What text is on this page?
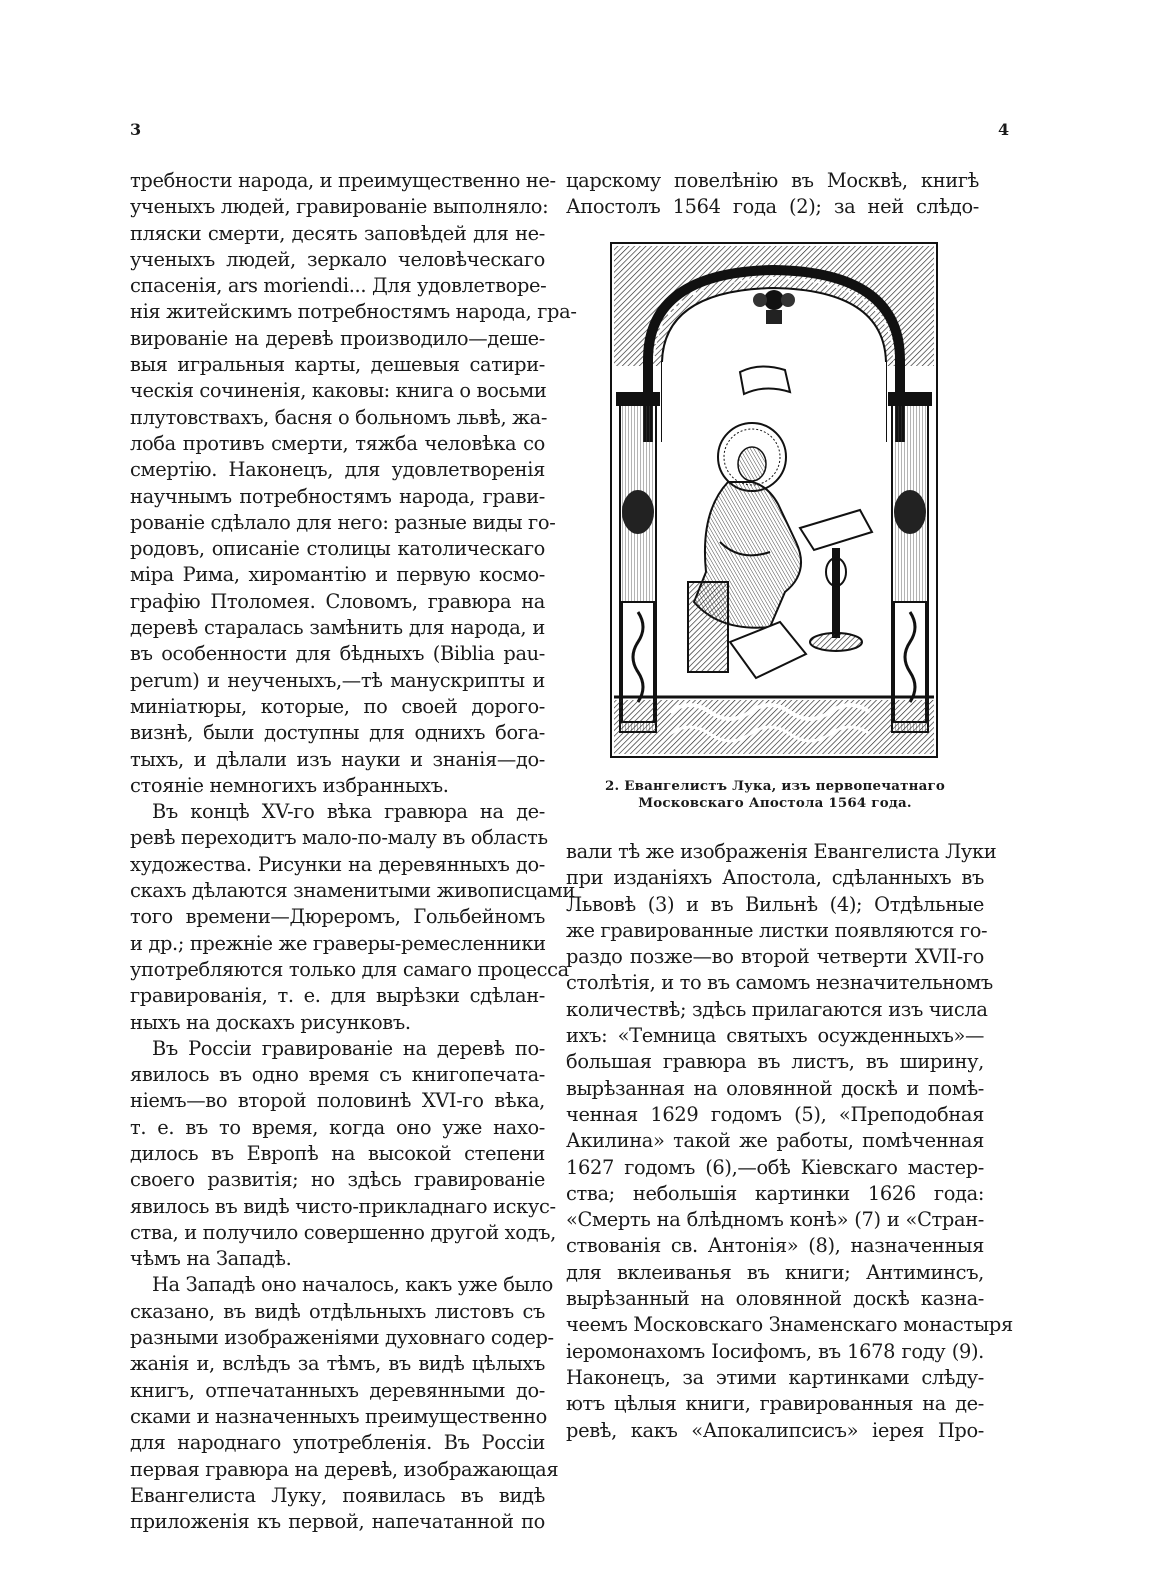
3	4
требности народа, и преимущественно не-
ученыхъ людей, гравированіе выполняло:
пляски смерти, десять заповѣдей для не-
ученыхъ людей, зеркало человѣческаго
спасенія, ars moriendi... Для удовлетворе-
нія житейскимъ потребностямъ народа, гра-
вированіе на деревѣ производило—деше-
выя игральныя карты, дешевыя сатири-
ческія сочиненія, каковы: книга о восьми
плутовствахъ, басня о больномъ львѣ, жа-
лоба противъ смерти, тяжба человѣка со
смертію. Наконецъ, для удовлетворенія
научнымъ потребностямъ народа, грави-
рованіе сдѣлало для него: разные виды го-
родовъ, описаніе столицы католическаго
міра Рима, хиромантію и первую космо-
графію Птоломея. Словомъ, гравюра на
деревѣ старалась замѣнить для народа, и
въ особенности для бѣдныхъ (Biblia pau-
perum) и неученыхъ,—тѣ манускрипты и
миніатюры, которые, по своей дорого-
визнѣ, были доступны для однихъ бога-
тыхъ, и дѣлали изъ науки и знанія—до-
стояніе немногихъ избранныхъ.
Въ концѣ XV-го вѣка гравюра на де-
ревѣ переходитъ мало-по-малу въ область
художества. Рисунки на деревянныхъ до-
скахъ дѣлаются знаменитыми живописцами
того времени—Дюреромъ, Гольбейномъ
и др.; прежніе же граверы-ремесленники
употребляются только для самаго процесса
гравированія, т. е. для вырѣзки сдѣлан-
ныхъ на доскахъ рисунковъ.
Въ Россіи гравированіе на деревѣ по-
явилось въ одно время съ книгопечата-
ніемъ—во второй половинѣ XVI-го вѣка,
т. е. въ то время, когда оно уже нахо-
дилось въ Европѣ на высокой степени
своего развитія; но здѣсь гравированіе
явилось въ видѣ чисто-прикладнаго искус-
ства, и получило совершенно другой ходъ,
чѣмъ на Западѣ.
На Западѣ оно началось, какъ уже было
сказано, въ видѣ отдѣльныхъ листовъ съ
разными изображеніями духовнаго содер-
жанія и, вслѣдъ за тѣмъ, въ видѣ цѣлыхъ
книгъ, отпечатанныхъ деревянными до-
сками и назначенныхъ преимущественно
для народнаго употребленія. Въ Россіи
первая гравюра на деревѣ, изображающая
Евангелиста Луку, появилась въ видѣ
приложенія къ первой, напечатанной по
царскому повелѣнію въ Москвѣ, книгѣ
Апостолъ 1564 года (2); за ней слѣдо-
2. Евангелистъ Лука, изъ первопечатнаго
Московскаго Апостола 1564 года.
вали тѣ же изображенія Евангелиста Луки
при изданіяхъ Апостола, сдѣланныхъ въ
Львовѣ (3) и въ Вильнѣ (4); Отдѣльные
же гравированные листки появляются го-
раздо позже—во второй четверти XVII-го
столѣтія, и то въ самомъ незначительномъ
количествѣ; здѣсь прилагаются изъ числа
ихъ: «Темница святыхъ осужденныхъ»—
большая гравюра въ листъ, въ ширину,
вырѣзанная на оловянной доскѣ и помѣ-
ченная 1629 годомъ (5), «Преподобная
Акилина» такой же работы, помѣченная
1627 годомъ (6),—обѣ Кіевскаго мастер-
ства; небольшія картинки 1626 года:
«Смерть на блѣдномъ конѣ» (7) и «Стран-
ствованія св. Антонія» (8), назначенныя
для вклеиванья въ книги; Антиминсъ,
вырѣзанный на оловянной доскѣ казна-
чеемъ Московскаго Знаменскаго монастыря
іеромонахомъ Іосифомъ, въ 1678 году (9).
Наконецъ, за этими картинками слѣду-
ютъ цѣлыя книги, гравированныя на де-
ревѣ, какъ «Апокалипсисъ» іерея Про-
